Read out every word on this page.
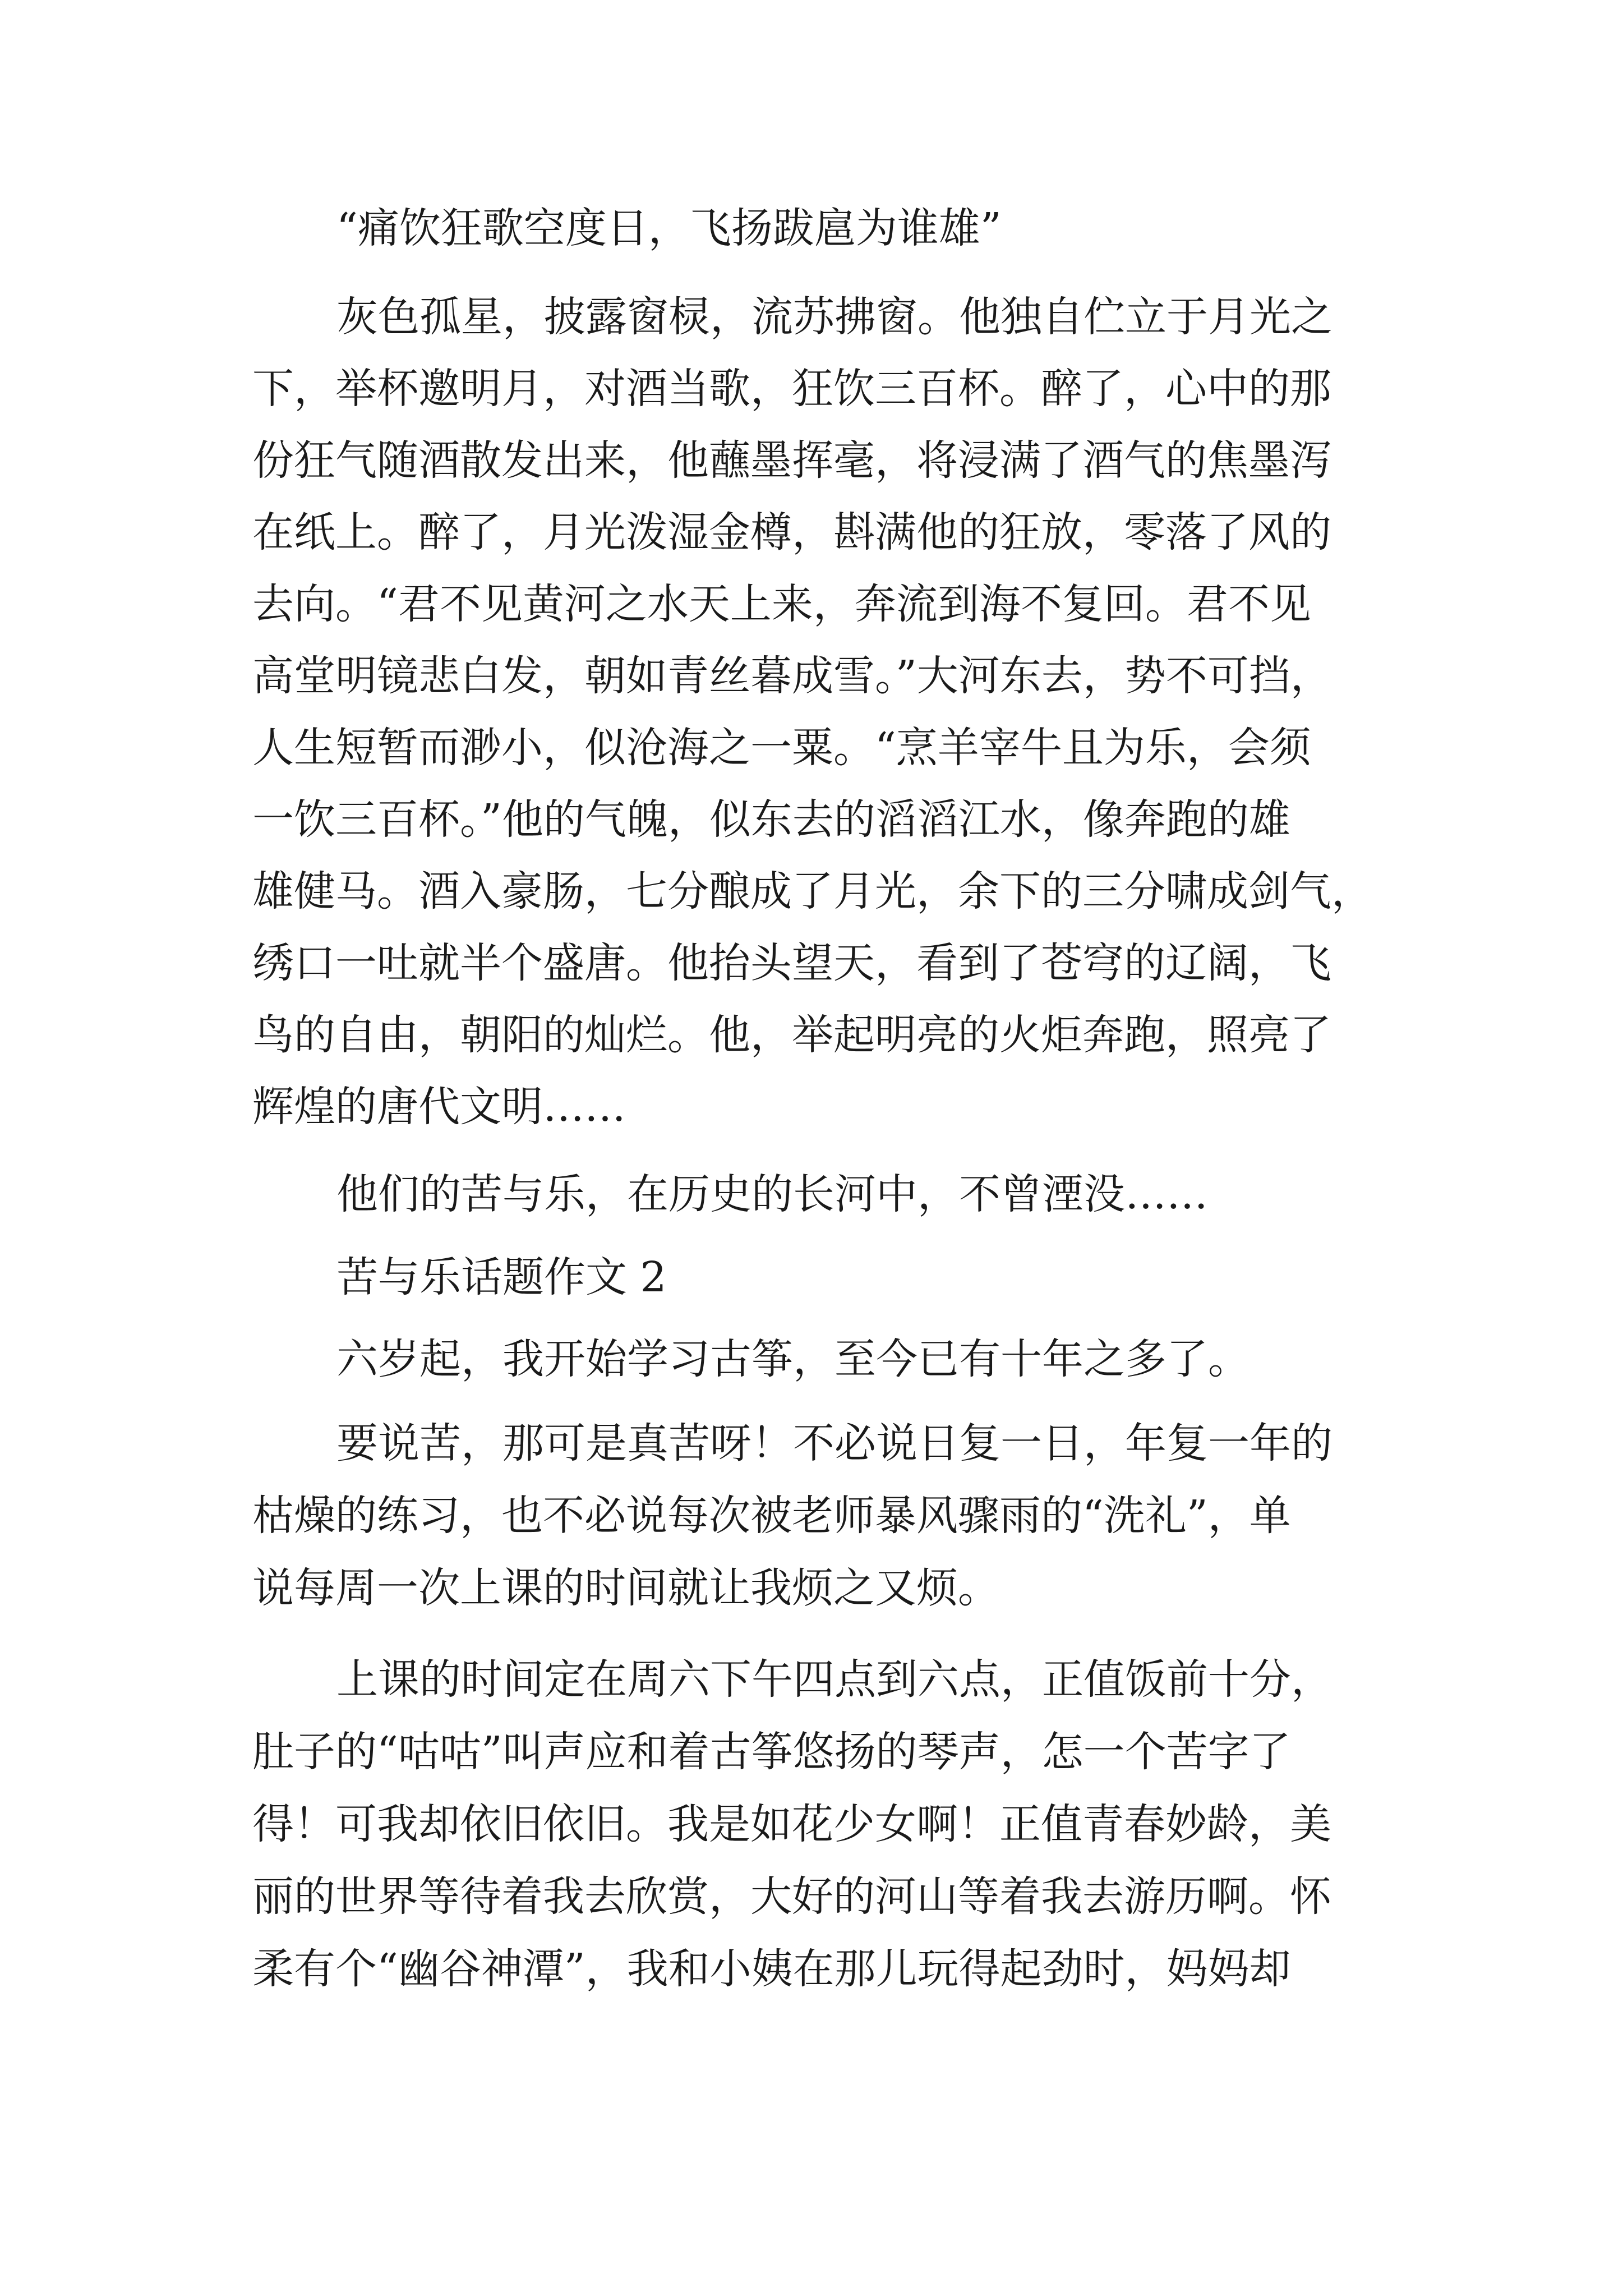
“痛饮狂歌空度日，飞扬跋扈为谁雄”
灰色孤星，披露窗棂，流苏拂窗。他独自伫立于月光之
下，举杯邀明月，对酒当歌，狂饮三百杯。醉了，心中的那
份狂气随酒散发出来，他蘸墨挥毫，将浸满了酒气的焦墨泻
在纸上。醉了，月光泼湿金樽，斟满他的狂放，零落了风的
去向。“君不见黄河之水天上来，奔流到海不复回。君不见
高堂明镜悲白发，朝如青丝暮成雪。”大河东去，势不可挡，
人生短暂而渺小，似沧海之一粟。“烹羊宰牛且为乐，会须
一饮三百杯。”他的气魄，似东去的滔滔江水，像奔跑的雄
雄健马。酒入豪肠，七分酿成了月光，余下的三分啸成剑气，
绣口一吐就半个盛唐。他抬头望天，看到了苍穹的辽阔，飞
鸟的自由，朝阳的灿烂。他，举起明亮的火炬奔跑，照亮了
辉煌的唐代文明……
他们的苦与乐，在历史的长河中，不曾湮没……
苦与乐话题作文 2
六岁起，我开始学习古筝，至今已有十年之多了。
要说苦，那可是真苦呀！不必说日复一日，年复一年的
枯燥的练习，也不必说每次被老师暴风骤雨的“洗礼”，单
说每周一次上课的时间就让我烦之又烦。
上课的时间定在周六下午四点到六点，正值饭前十分，
肚子的“咕咕”叫声应和着古筝悠扬的琴声，怎一个苦字了
得！可我却依旧依旧。我是如花少女啊！正值青春妙龄，美
丽的世界等待着我去欣赏，大好的河山等着我去游历啊。怀
柔有个“幽谷神潭”，我和小姨在那儿玩得起劲时，妈妈却
